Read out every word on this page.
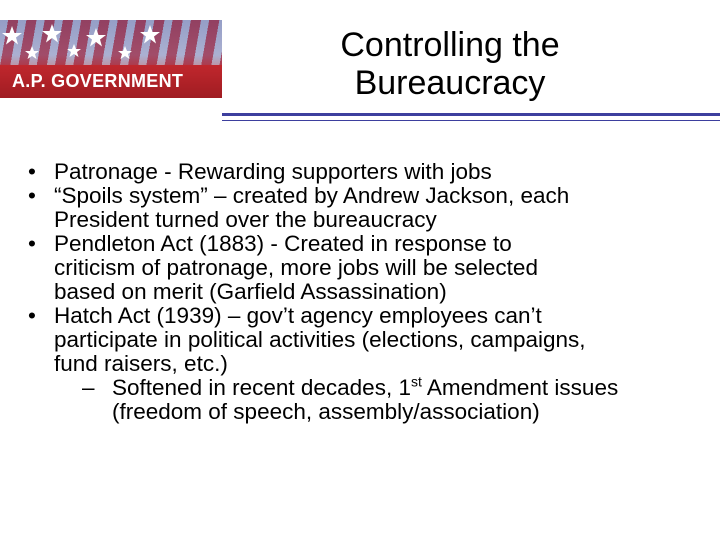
A.P. GOVERNMENT
Controlling the
Bureaucracy
• Patronage - Rewarding supporters with jobs
• “Spoils system” – created by Andrew Jackson, each
President turned over the bureaucracy
• Pendleton Act (1883) - Created in response to
criticism of patronage, more jobs will be selected
based on merit (Garfield Assassination)
• Hatch Act (1939) – gov’t agency employees can’t
participate in political activities (elections, campaigns,
fund raisers, etc.)
– Softened in recent decades, 1st Amendment issues
(freedom of speech, assembly/association)
